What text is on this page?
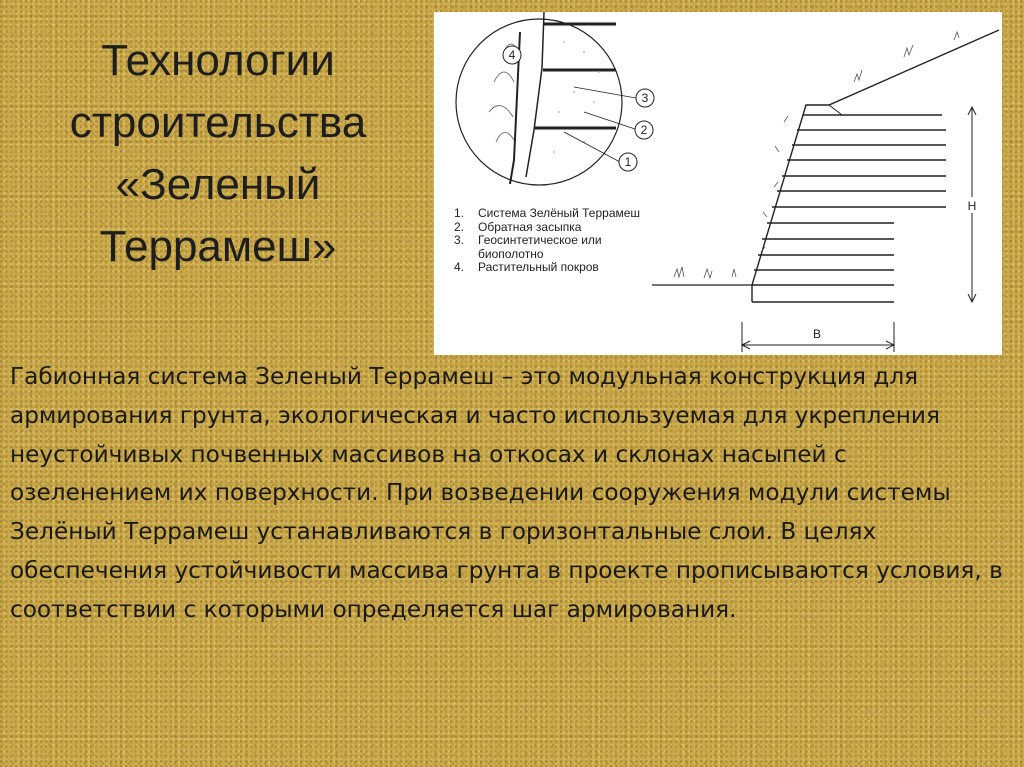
Технологии строительства «Зеленый Террамеш»
4
3
2
1
H
B
1.	Система Зелёный Террамеш
2.	Обратная засыпка
3.	Геосинтетическое или биополотно
4.	Растительный покров

Габионная система Зеленый Террамеш – это модульная конструкция для армирования грунта, экологическая и часто используемая для укрепления неустойчивых почвенных массивов на откосах и склонах насыпей с озеленением их поверхности. При возведении сооружения модули системы Зелёный Террамеш устанавливаются в горизонтальные слои. В целях обеспечения устойчивости массива грунта в проекте прописываются условия, в соответствии с которыми определяется шаг армирования.
